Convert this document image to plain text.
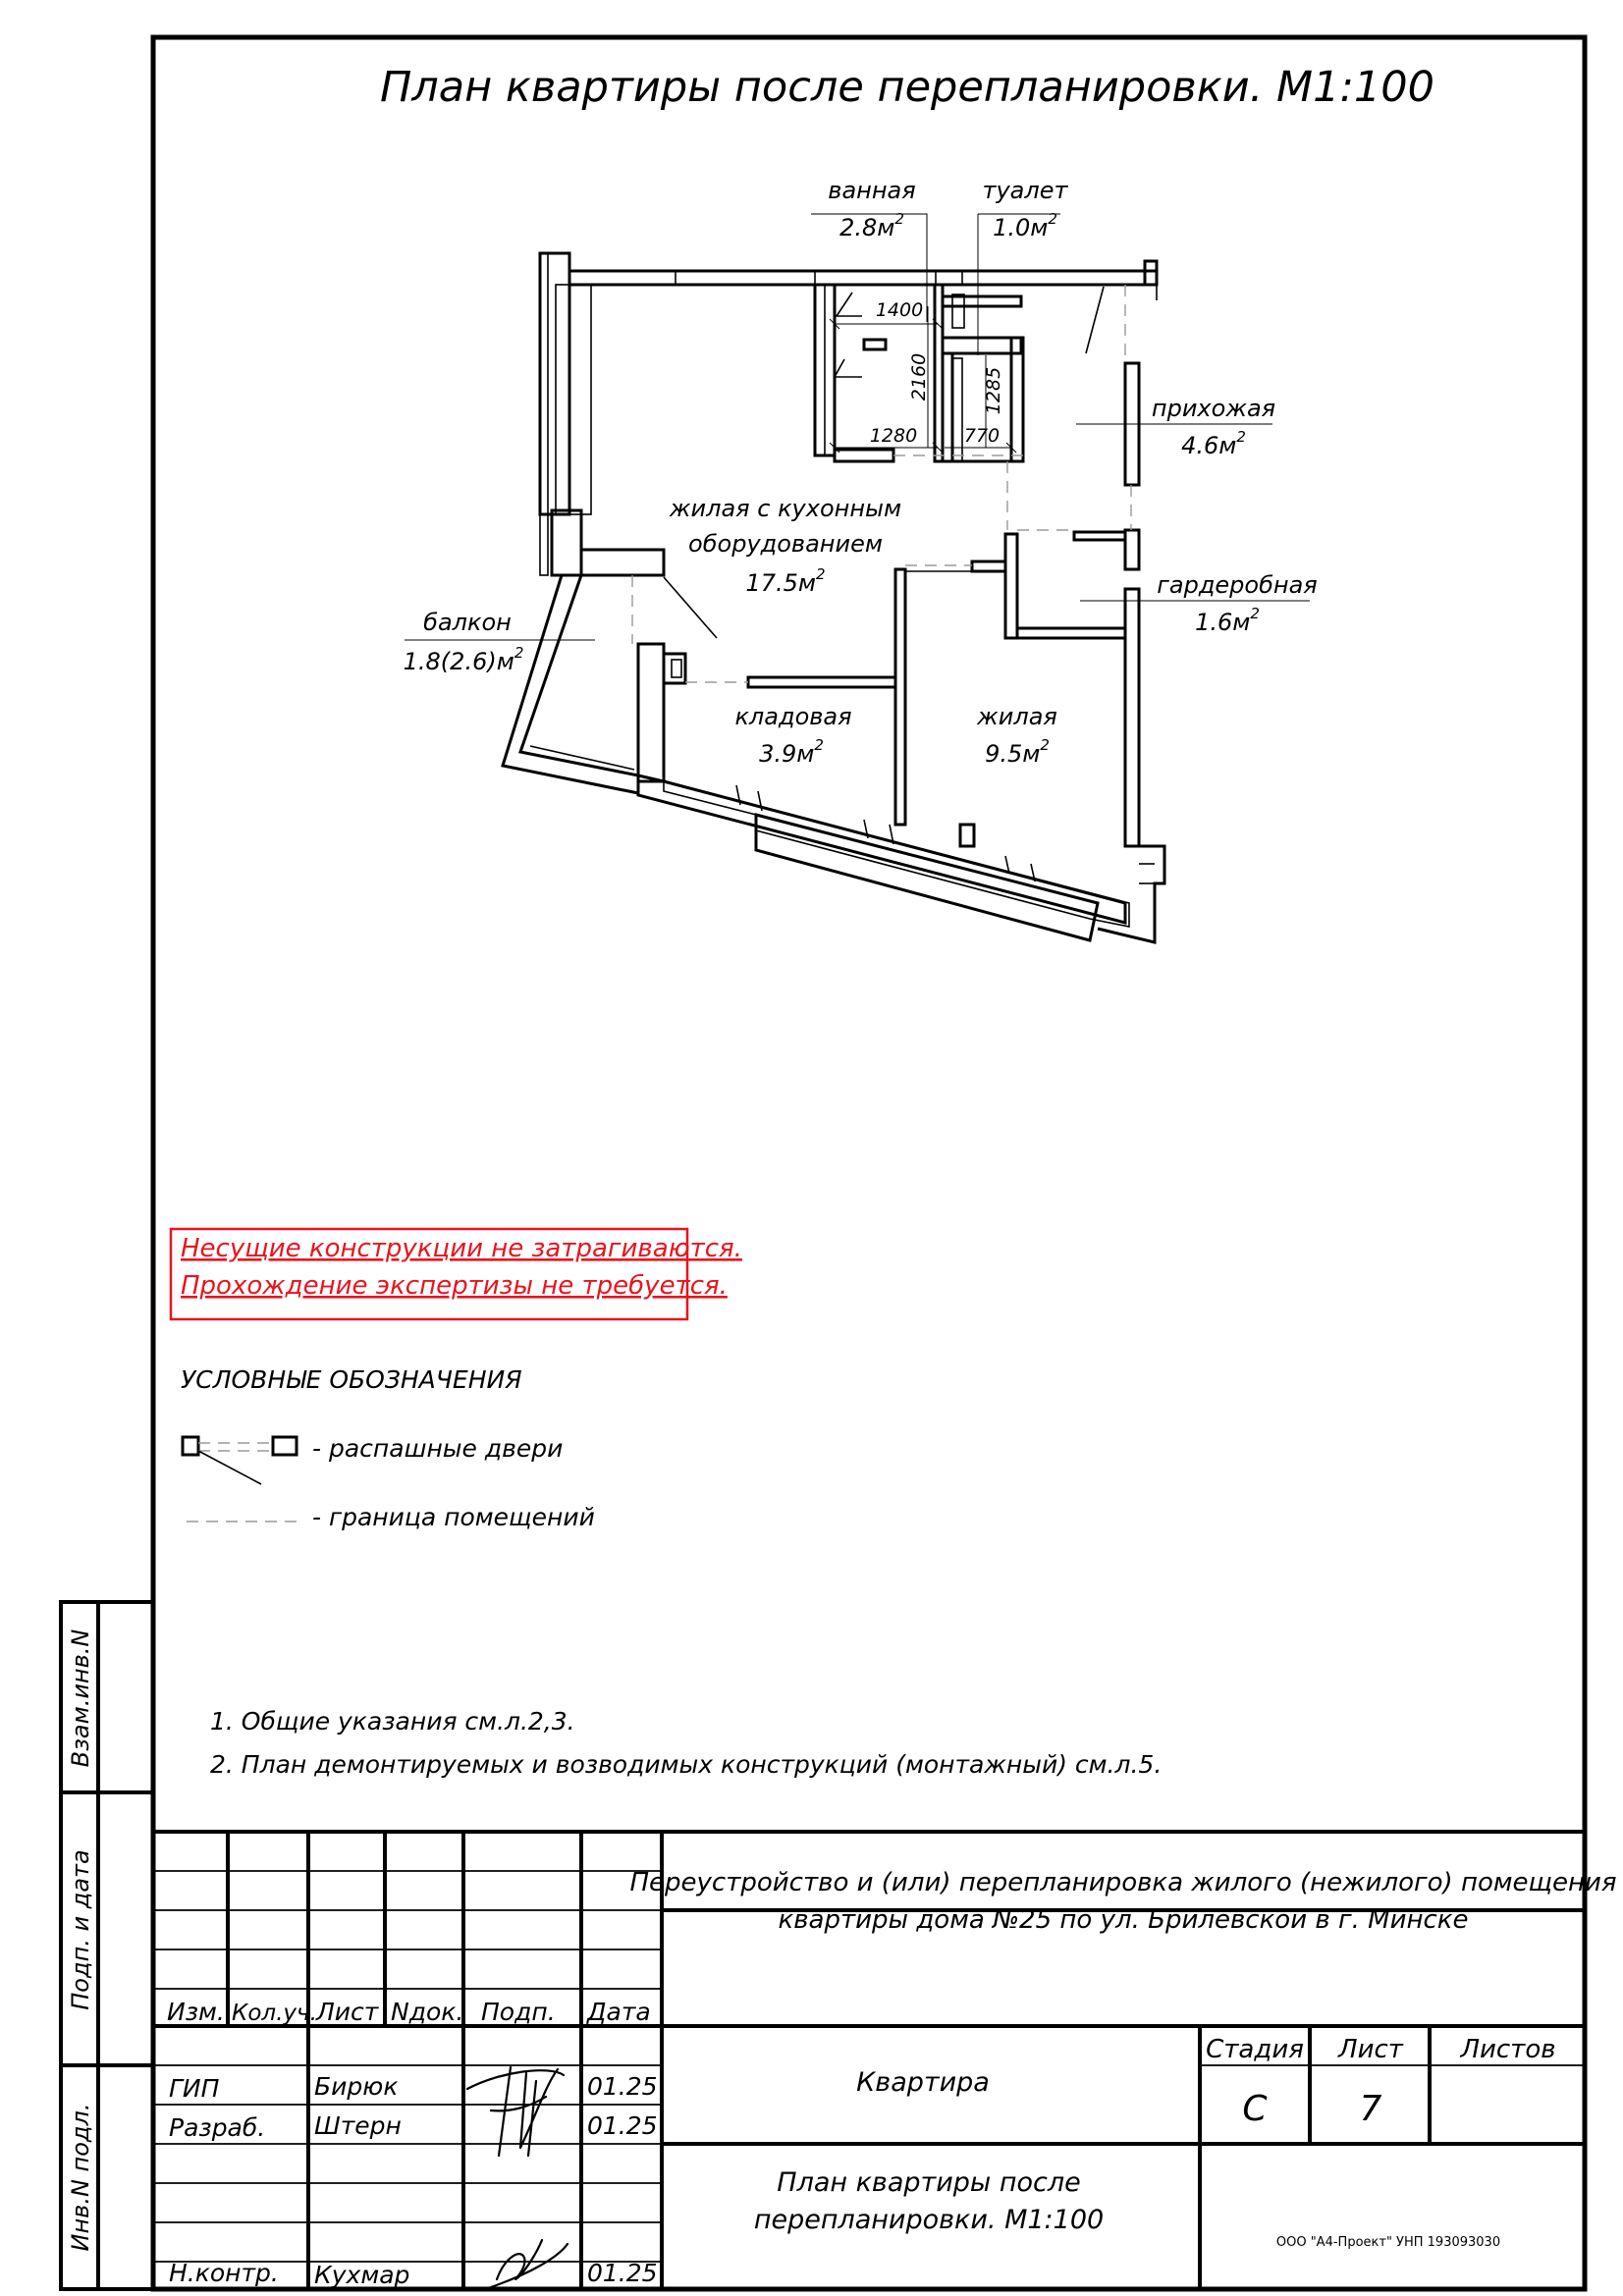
План квартиры после перепланировки. М1:100
ванная
$2.8м^2$
туалет
$1.0м^2$
прихожая
$4.6м^2$
жилая с кухонным
оборудованием
$17.5м^2$	гардеробная
$1.6м^2$
балкон
$1.8(2.6)м^2$
кладовая
$3.9м^2$
жилая
$9.5м^2$
1400
2160	1285
1280	770
Несущие конструкции не затрагиваются.
Прохождение экспертизы не требуется.
УСЛОВНЫЕ ОБОЗНАЧЕНИЯ
- распашные двери
- граница помещений
1. Общие указания см.л.2,3.
2. План демонтируемых и возводимых конструкций (монтажный) см.л.5.
Взам.инв.N
Подп. и дата
Инв.N подл.
Изм. Кол.уч. Лист Nдок. Подп. Дата
ГИП	Бирюк	01.25
Разраб. Штерн	01.25
Н.контр. Кухмар	01.25
Переустройство и (или) перепланировка жилого (нежилого) помещения
квартиры дома №25 по ул. Брилевской в г. Минске
Квартира
Стадия Лист Листов
С	7
План квартиры после
перепланировки. М1:100
ООО "А4-Проект" УНП 193093030
